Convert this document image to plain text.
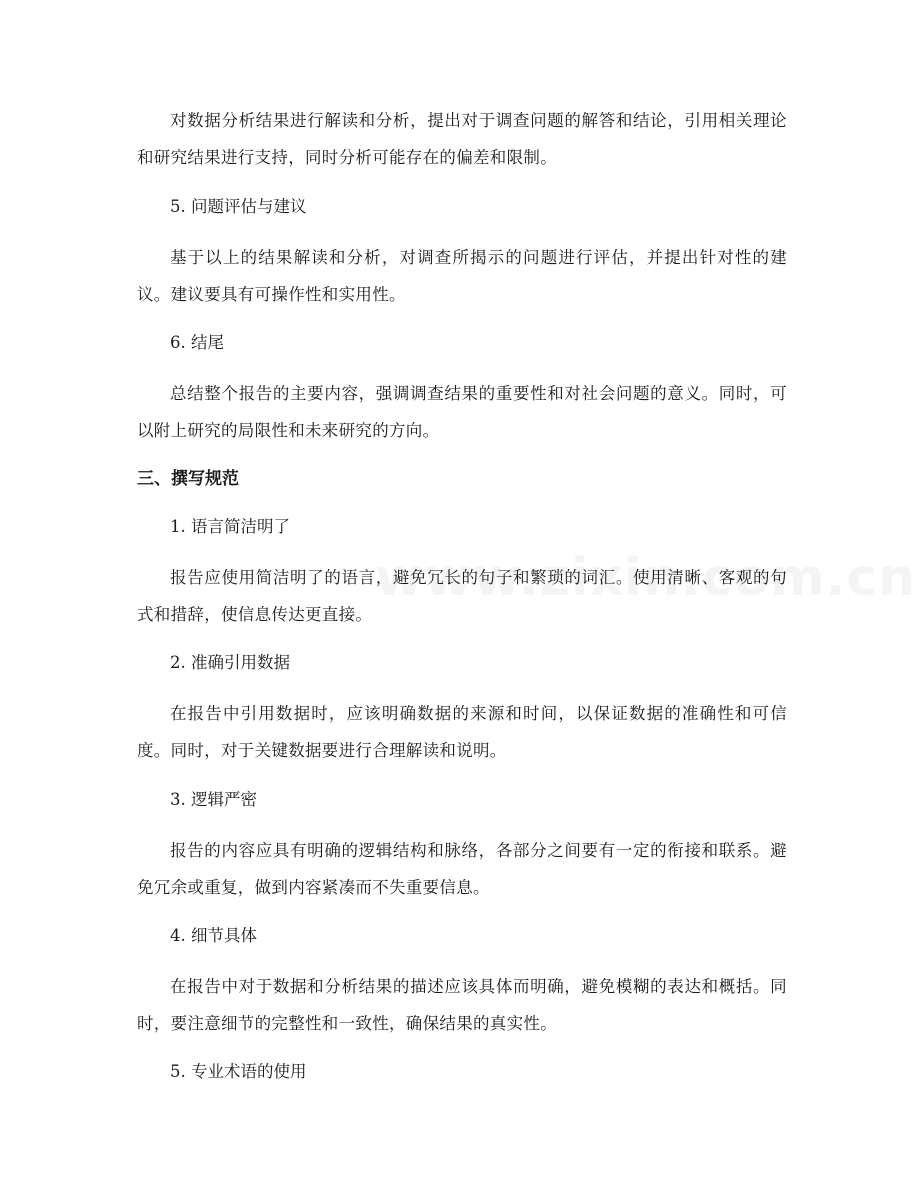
对数据分析结果进行解读和分析，提出对于调查问题的解答和结论，引用相关理论和研究结果进行支持，同时分析可能存在的偏差和限制。

5. 问题评估与建议

基于以上的结果解读和分析，对调查所揭示的问题进行评估，并提出针对性的建议。建议要具有可操作性和实用性。

6. 结尾

总结整个报告的主要内容，强调调查结果的重要性和对社会问题的意义。同时，可以附上研究的局限性和未来研究的方向。

三、撰写规范

1. 语言简洁明了

报告应使用简洁明了的语言，避免冗长的句子和繁琐的词汇。使用清晰、客观的句式和措辞，使信息传达更直接。

2. 准确引用数据

在报告中引用数据时，应该明确数据的来源和时间，以保证数据的准确性和可信度。同时，对于关键数据要进行合理解读和说明。

3. 逻辑严密

报告的内容应具有明确的逻辑结构和脉络，各部分之间要有一定的衔接和联系。避免冗余或重复，做到内容紧凑而不失重要信息。

4. 细节具体

在报告中对于数据和分析结果的描述应该具体而明确，避免模糊的表达和概括。同时，要注意细节的完整性和一致性，确保结果的真实性。

5. 专业术语的使用
